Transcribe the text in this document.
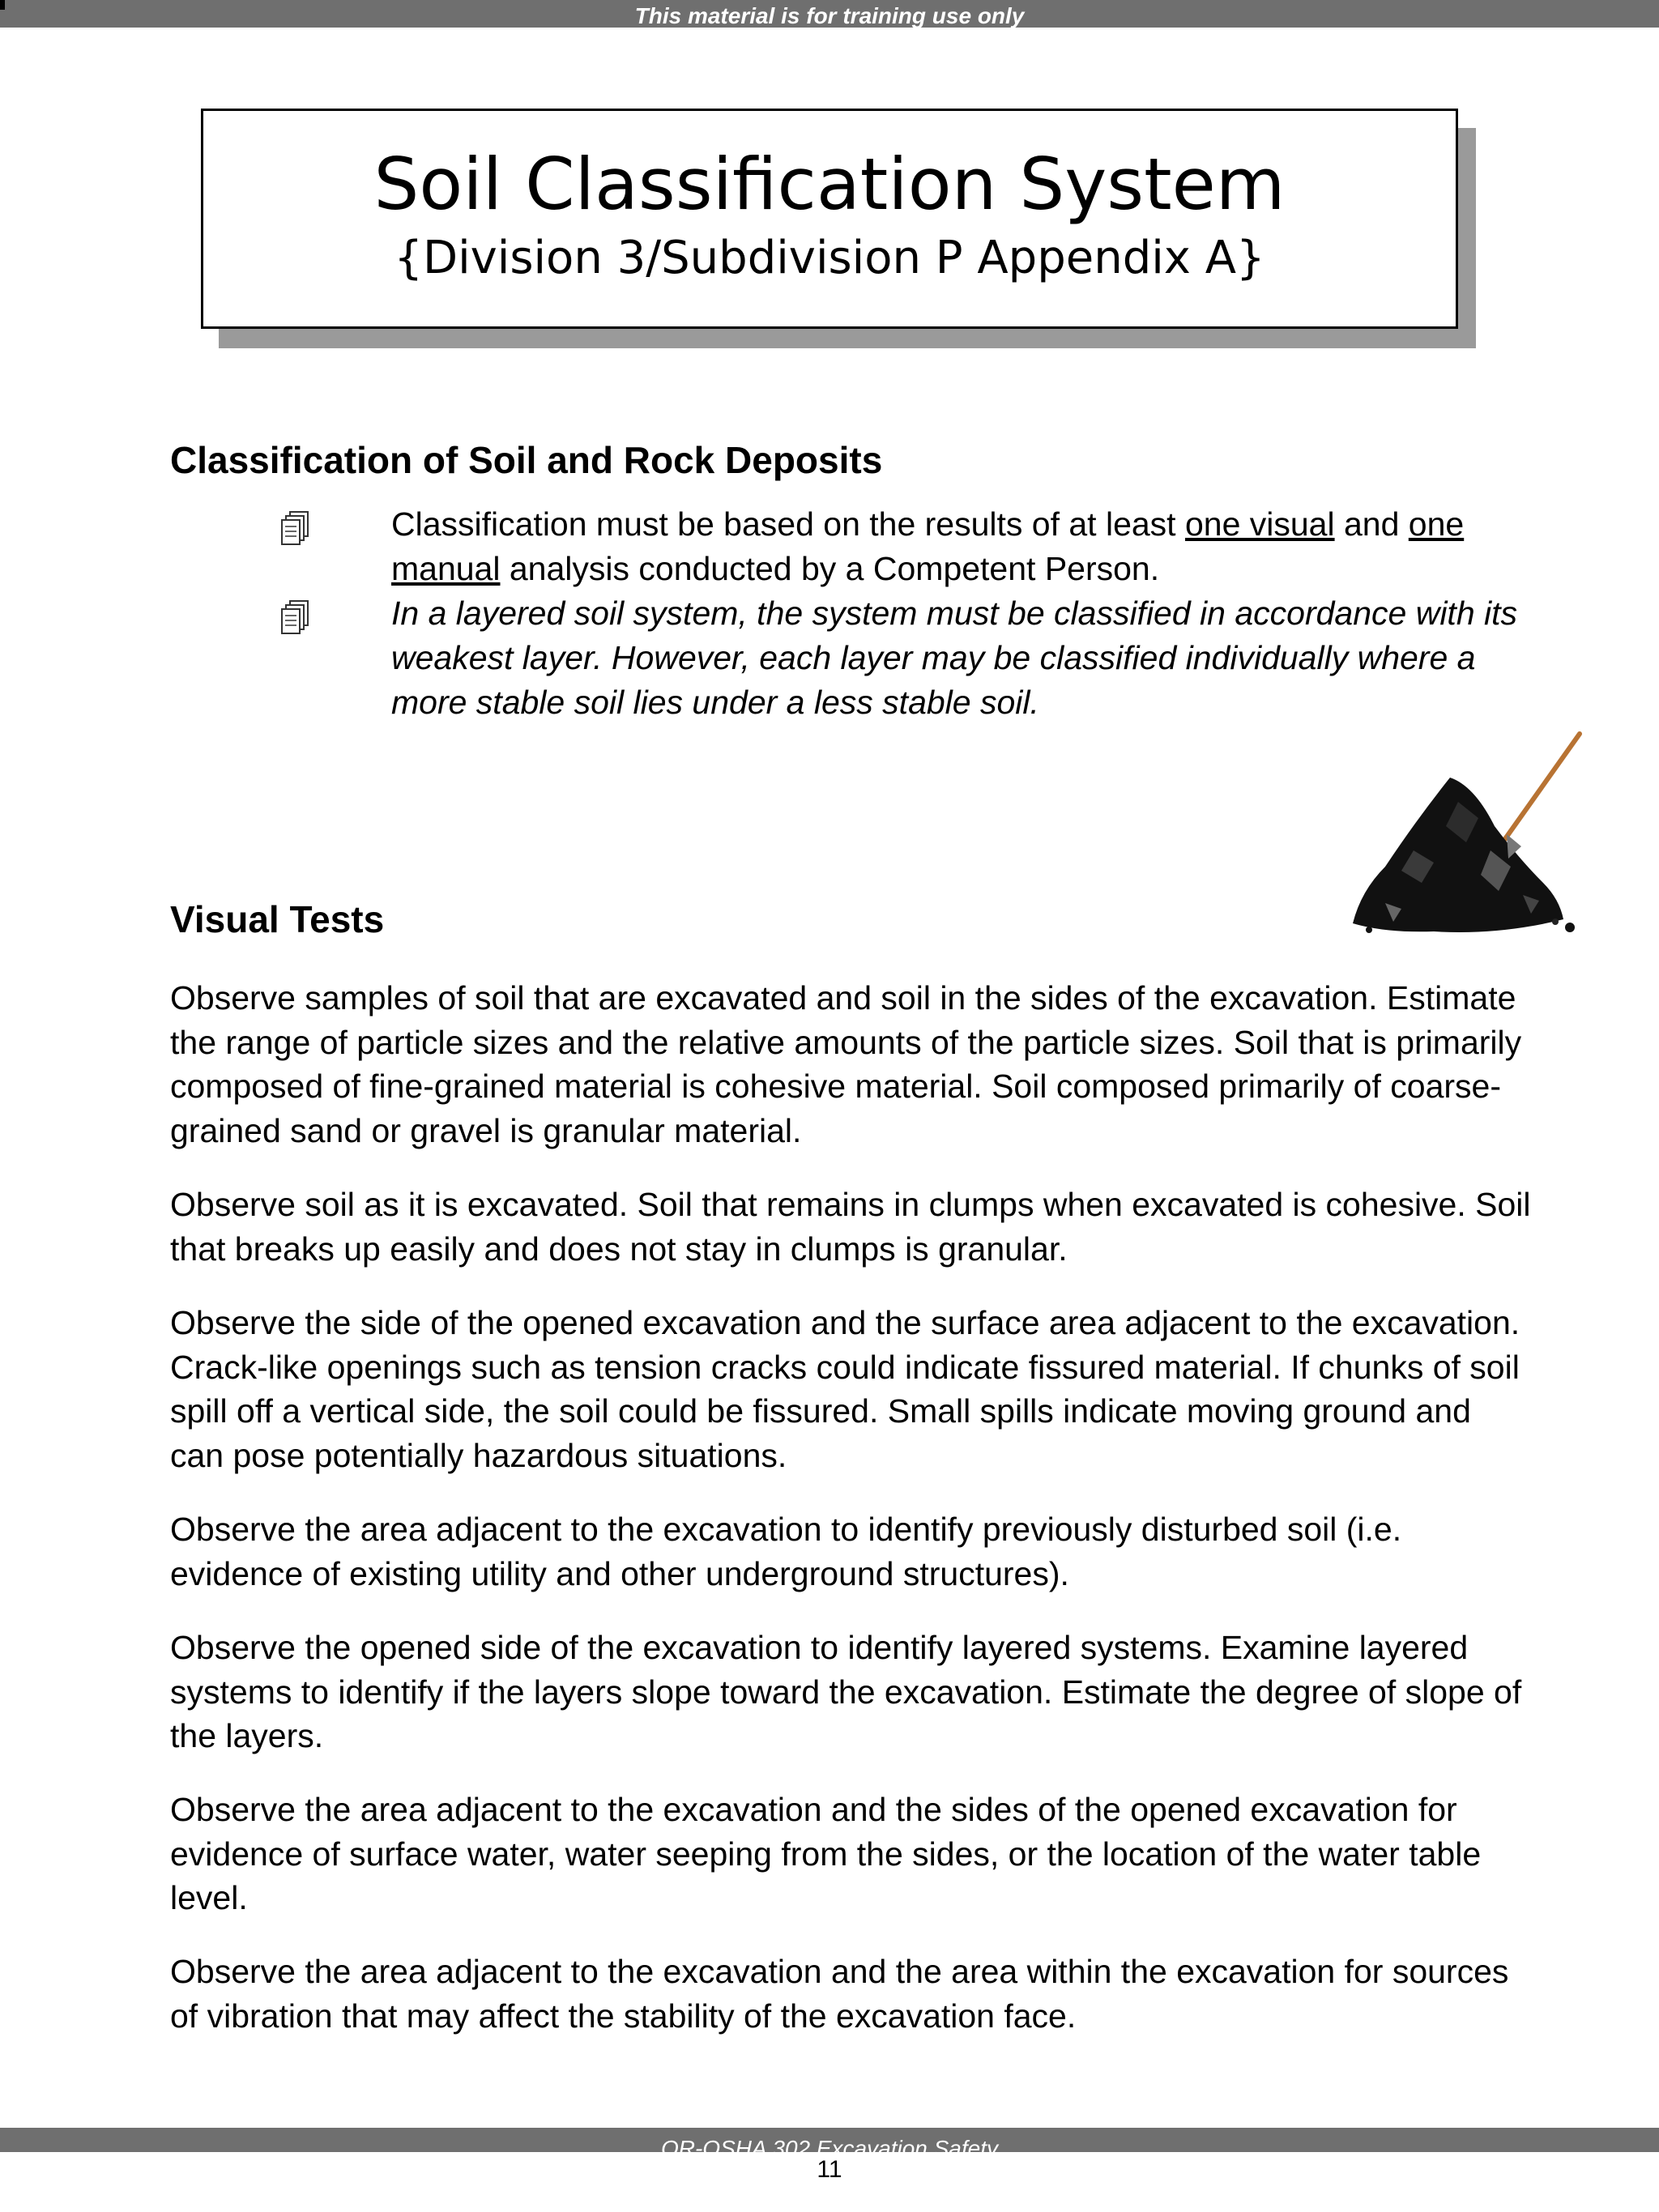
This material is for training use only
Soil Classification System
{Division 3/Subdivision P Appendix A}
Classification of Soil and Rock Deposits
Classification must be based on the results of at least one visual and one manual analysis conducted by a Competent Person.
In a layered soil system, the system must be classified in accordance with its weakest layer. However, each layer may be classified individually where a more stable soil lies under a less stable soil.
Visual Tests
Observe samples of soil that are excavated and soil in the sides of the excavation. Estimate the range of particle sizes and the relative amounts of the particle sizes. Soil that is primarily composed of fine-grained material is cohesive material. Soil composed primarily of coarse-grained sand or gravel is granular material.
Observe soil as it is excavated. Soil that remains in clumps when excavated is cohesive. Soil that breaks up easily and does not stay in clumps is granular.
Observe the side of the opened excavation and the surface area adjacent to the excavation. Crack-like openings such as tension cracks could indicate fissured material. If chunks of soil spill off a vertical side, the soil could be fissured. Small spills indicate moving ground and can pose potentially hazardous situations.
Observe the area adjacent to the excavation to identify previously disturbed soil (i.e. evidence of existing utility and other underground structures).
Observe the opened side of the excavation to identify layered systems. Examine layered systems to identify if the layers slope toward the excavation. Estimate the degree of slope of the layers.
Observe the area adjacent to the excavation and the sides of the opened excavation for evidence of surface water, water seeping from the sides, or the location of the water table level.
Observe the area adjacent to the excavation and the area within the excavation for sources of vibration that may affect the stability of the excavation face.
OR-OSHA 302 Excavation Safety
11
